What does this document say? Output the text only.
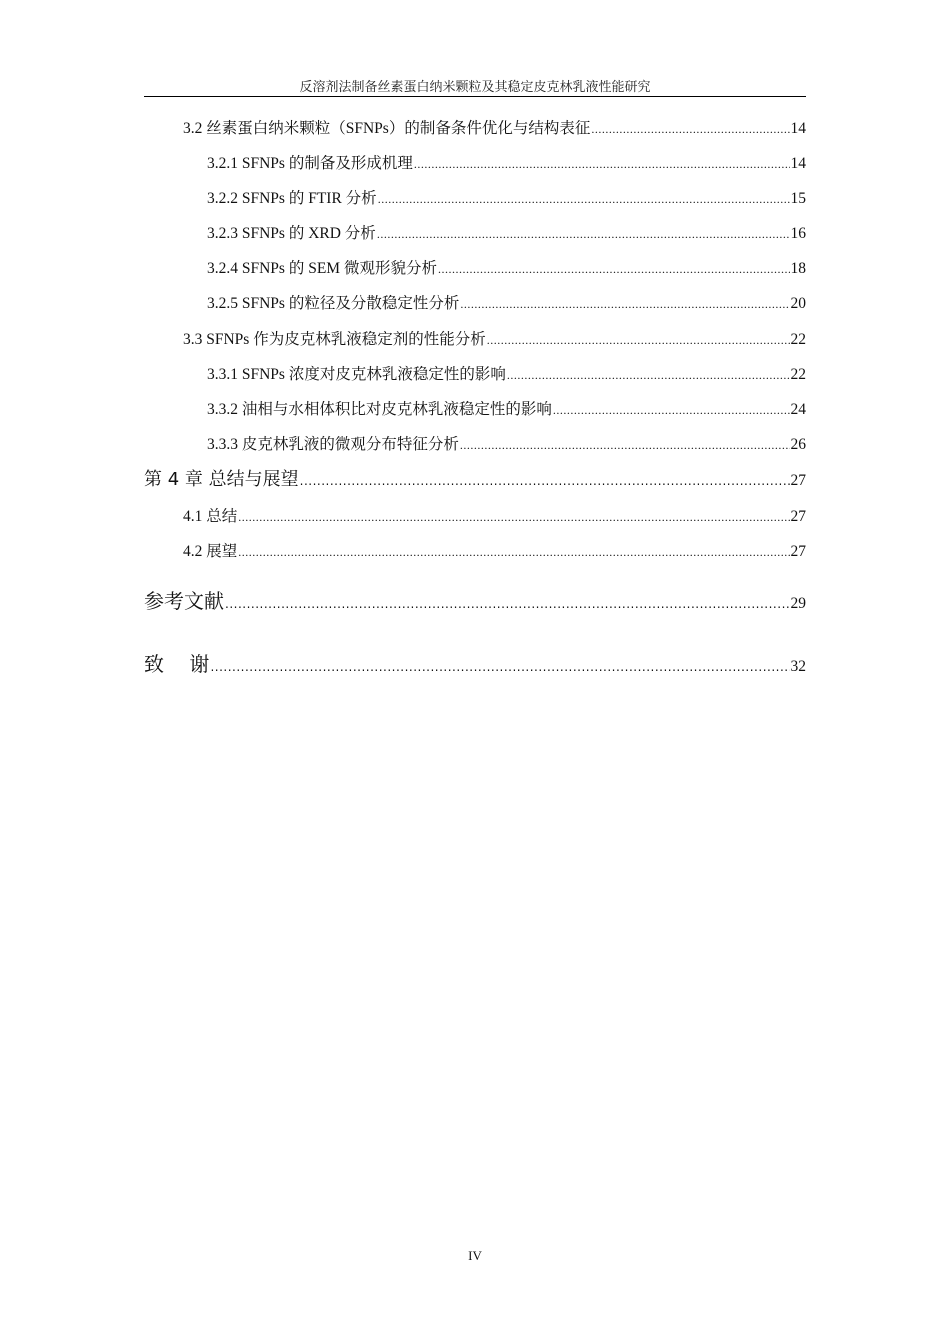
反溶剂法制备丝素蛋白纳米颗粒及其稳定皮克林乳液性能研究
3.2 丝素蛋白纳米颗粒（SFNPs）的制备条件优化与结构表征 .....	14
3.2.1 SFNPs 的制备及形成机理 .....	14
3.2.2 SFNPs 的 FTIR 分析 .....	15
3.2.3 SFNPs 的 XRD 分析 .....	16
3.2.4 SFNPs 的 SEM 微观形貌分析 .....	18
3.2.5 SFNPs 的粒径及分散稳定性分析 .....	20
3.3 SFNPs 作为皮克林乳液稳定剂的性能分析 .....	22
3.3.1 SFNPs 浓度对皮克林乳液稳定性的影响 .....	22
3.3.2 油相与水相体积比对皮克林乳液稳定性的影响 .....	24
3.3.3 皮克林乳液的微观分布特征分析 .....	26
第 4 章 总结与展望 .....	27
4.1 总结 .....	27
4.2 展望 .....	27
参考文献 .....	29
致    谢 .....	32
IV
